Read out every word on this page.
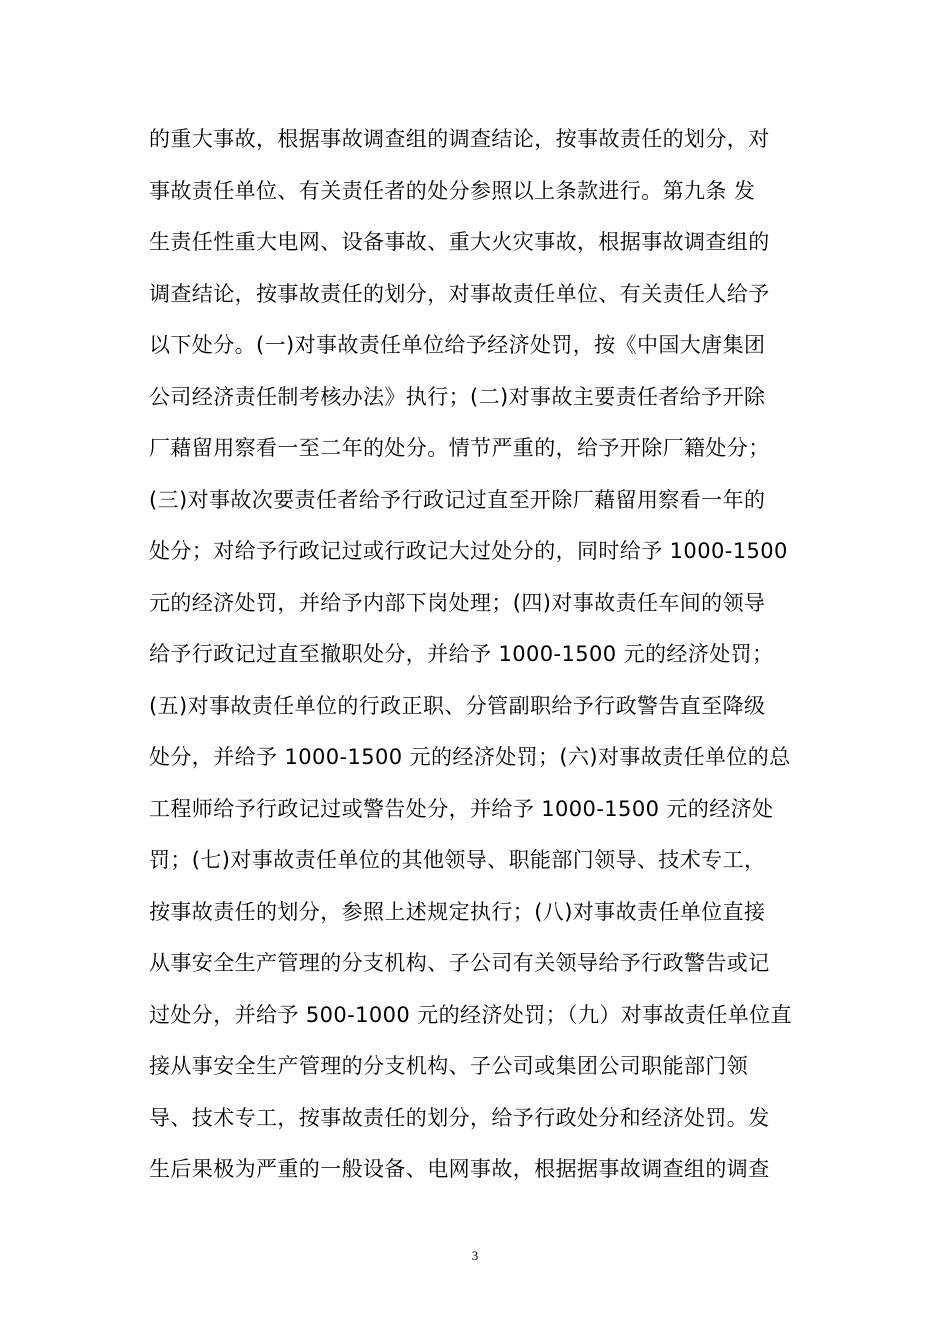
的重大事故，根据事故调查组的调查结论，按事故责任的划分，对
事故责任单位、有关责任者的处分参照以上条款进行。第九条 发
生责任性重大电网、设备事故、重大火灾事故，根据事故调查组的
调查结论，按事故责任的划分，对事故责任单位、有关责任人给予
以下处分。(一)对事故责任单位给予经济处罚，按《中国大唐集团
公司经济责任制考核办法》执行；(二)对事故主要责任者给予开除
厂藉留用察看一至二年的处分。情节严重的，给予开除厂籍处分；
(三)对事故次要责任者给予行政记过直至开除厂藉留用察看一年的
处分；对给予行政记过或行政记大过处分的，同时给予 1000-1500
元的经济处罚，并给予内部下岗处理；(四)对事故责任车间的领导
给予行政记过直至撤职处分，并给予 1000-1500 元的经济处罚；
(五)对事故责任单位的行政正职、分管副职给予行政警告直至降级
处分，并给予 1000-1500 元的经济处罚；(六)对事故责任单位的总
工程师给予行政记过或警告处分，并给予 1000-1500 元的经济处
罚；(七)对事故责任单位的其他领导、职能部门领导、技术专工，
按事故责任的划分，参照上述规定执行；(八)对事故责任单位直接
从事安全生产管理的分支机构、子公司有关领导给予行政警告或记
过处分，并给予 500-1000 元的经济处罚；（九）对事故责任单位直
接从事安全生产管理的分支机构、子公司或集团公司职能部门领
导、技术专工，按事故责任的划分，给予行政处分和经济处罚。发
生后果极为严重的一般设备、电网事故，根据据事故调查组的调查
3
